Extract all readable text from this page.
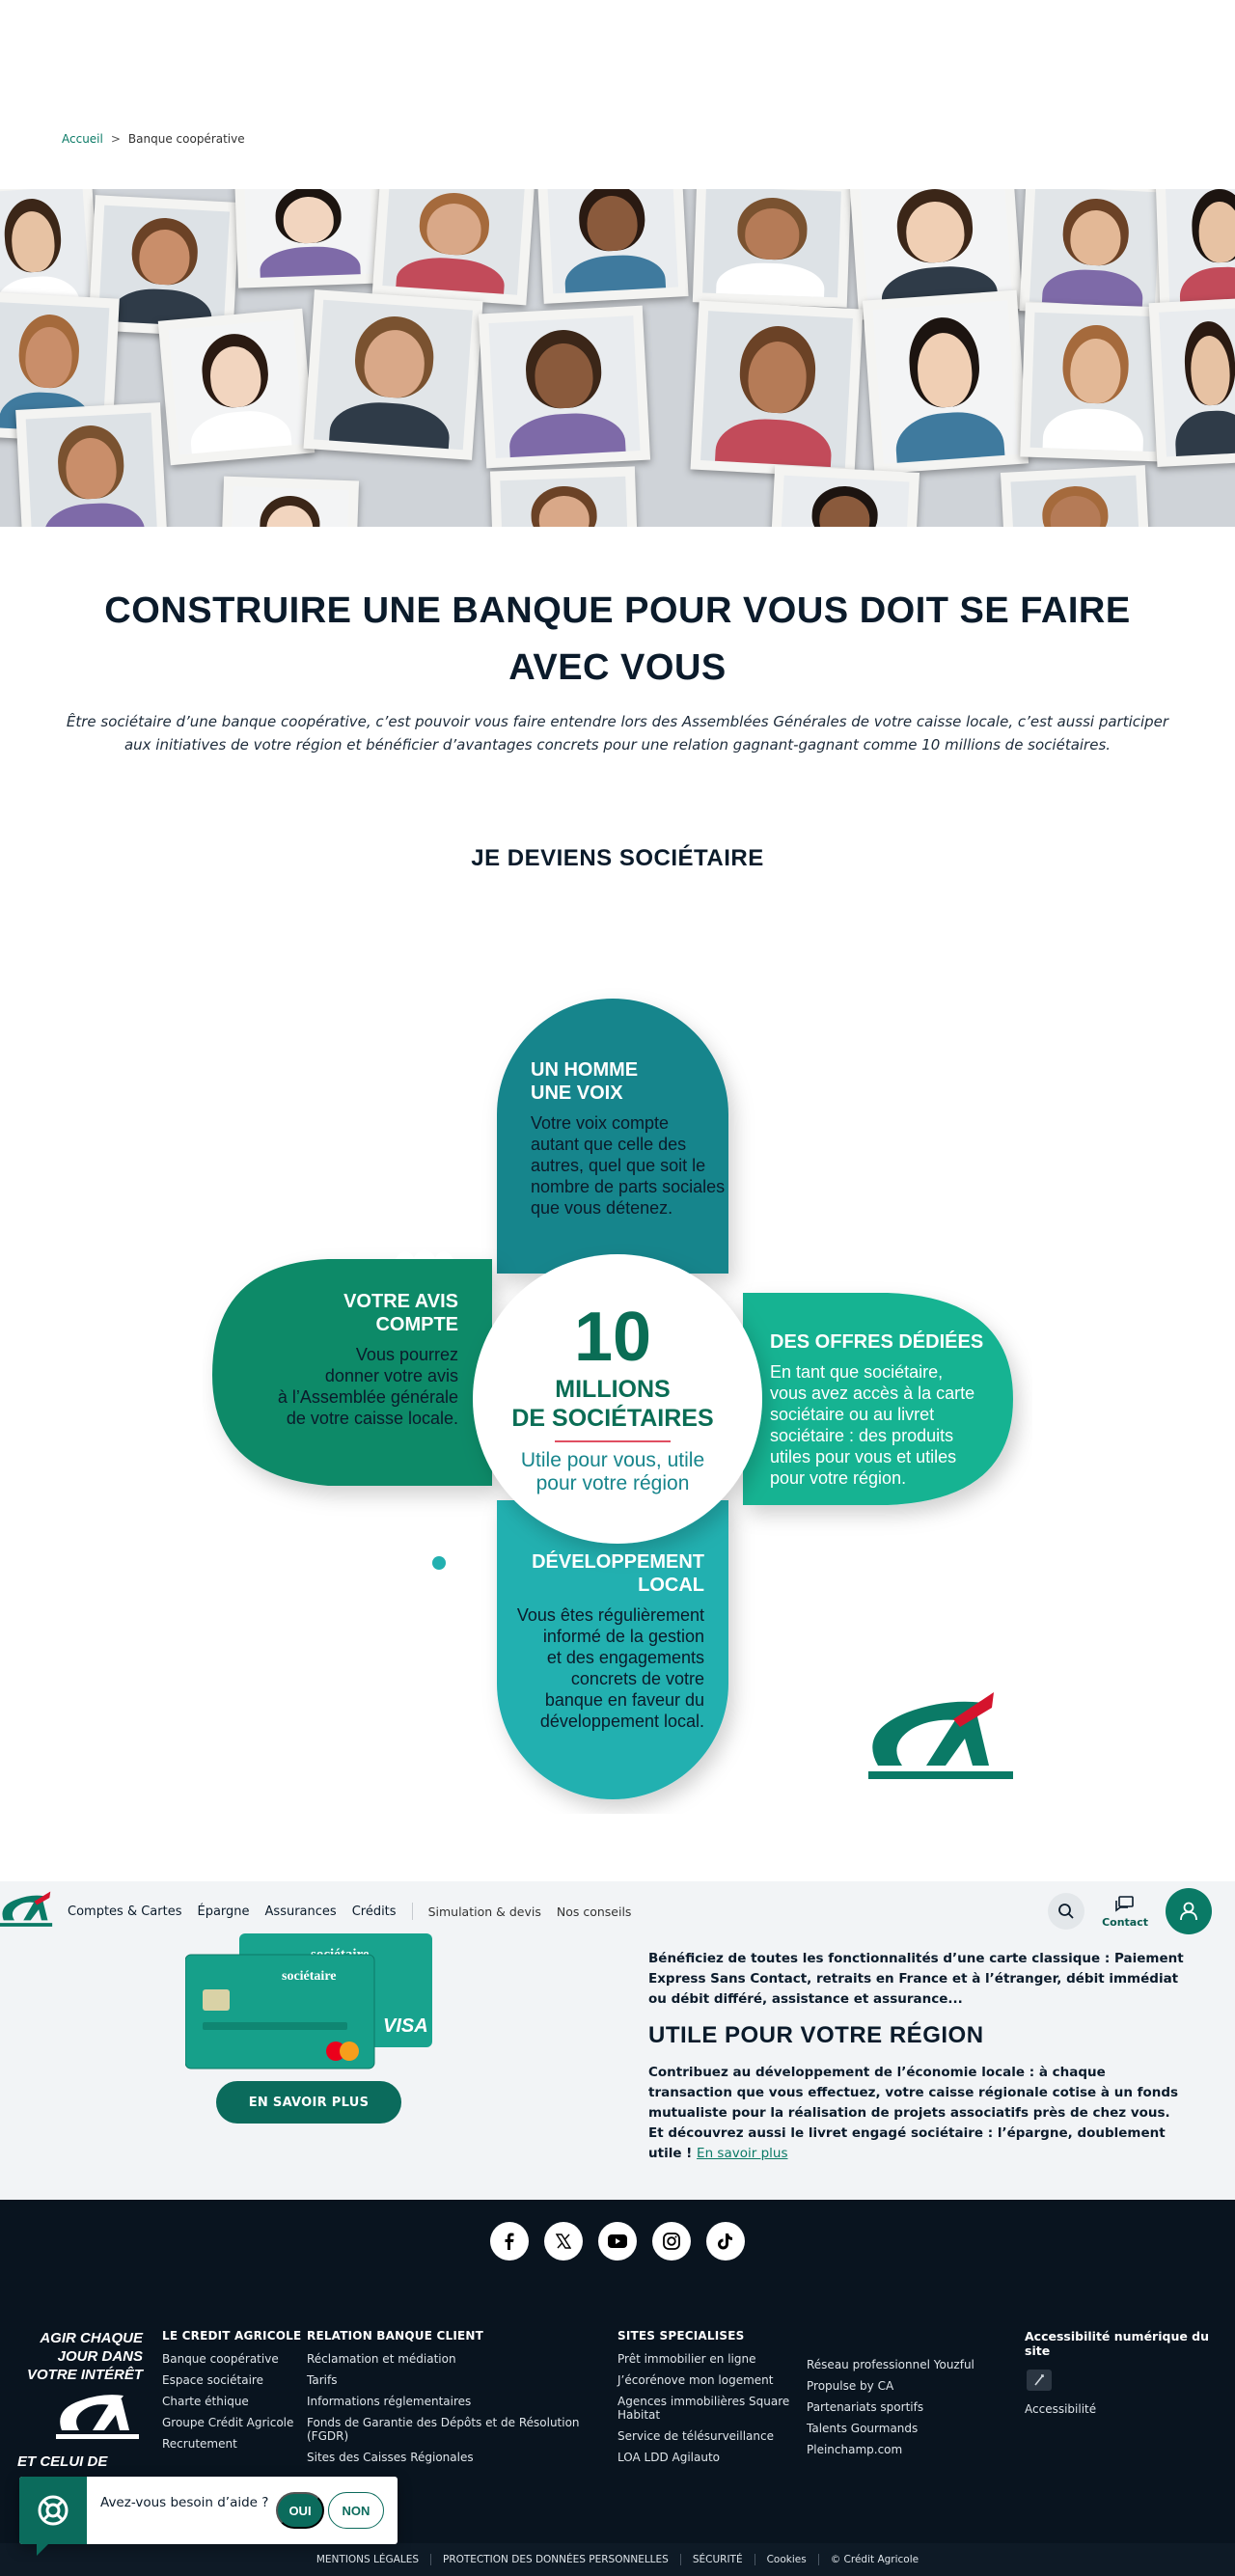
Accueil > Banque coopérative
CONSTRUIRE UNE BANQUE POUR VOUS DOIT SE FAIRE AVEC VOUS

Être sociétaire d’une banque coopérative, c’est pouvoir vous faire entendre lors des Assemblées Générales de votre caisse locale, c’est aussi participer aux initiatives de votre région et bénéficier d’avantages concrets pour une relation gagnant-gagnant comme 10 millions de sociétaires.

JE DEVIENS SOCIÉTAIRE
10
MILLIONS
DE SOCIÉTAIRES
Utile pour vous, utile
pour votre région
UN HOMME
UNE VOIX
Votre voix compte
autant que celle des
autres, quel que soit le
nombre de parts sociales
que vous détenez.
VOTRE AVIS
COMPTE
Vous pourrez
donner votre avis
à l’Assemblée générale
de votre caisse locale.
DES OFFRES DÉDIÉES
En tant que sociétaire,
vous avez accès à la carte
sociétaire ou au livret
sociétaire : des produits
utiles pour vous et utiles
pour votre région.
DÉVELOPPEMENT
LOCAL
Vous êtes régulièrement
informé de la gestion
et des engagements
concrets de votre
banque en faveur du
développement local.
Comptes & Cartes Épargne Assurances Crédits	Simulation & devis Nos conseils
Contact
VISA
sociétaire
EN SAVOIR PLUS

Bénéficiez de toutes les fonctionnalités d’une carte classique : Paiement Express Sans Contact, retraits en France et à l’étranger, débit immédiat ou débit différé, assistance et assurance...

UTILE POUR VOTRE RÉGION
Contribuez au développement de l’économie locale : à chaque transaction que vous effectuez, votre caisse régionale cotise à un fonds mutualiste pour la réalisation de projets associatifs près de chez vous.
Et découvrez aussi le livret engagé sociétaire : l’épargne, doublement utile ! En savoir plus
AGIR CHAQUE JOUR DANS VOTRE INTÉRÊT
ET CELUI DE
LE CREDIT AGRICOLE
Banque coopérative
Espace sociétaire
Charte éthique
Groupe Crédit Agricole
Recrutement
RELATION BANQUE CLIENT
Réclamation et médiation
Tarifs
Informations réglementaires
Fonds de Garantie des Dépôts et de Résolution (FGDR)
Sites des Caisses Régionales
SITES SPECIALISES
Prêt immobilier en ligne
J’écorénove mon logement
Agences immobilières Square Habitat
Service de télésurveillance
LOA LDD Agilauto
Réseau professionnel Youzful
Propulse by CA
Partenariats sportifs
Talents Gourmands
Pleinchamp.com
Accessibilité numérique du site
Accessibilité
MENTIONS LÉGALES	PROTECTION DES DONNÉES PERSONNELLES	SÉCURITÉ	Cookies	© Crédit Agricole
Avez-vous besoin d’aide ?	OUI	NON
